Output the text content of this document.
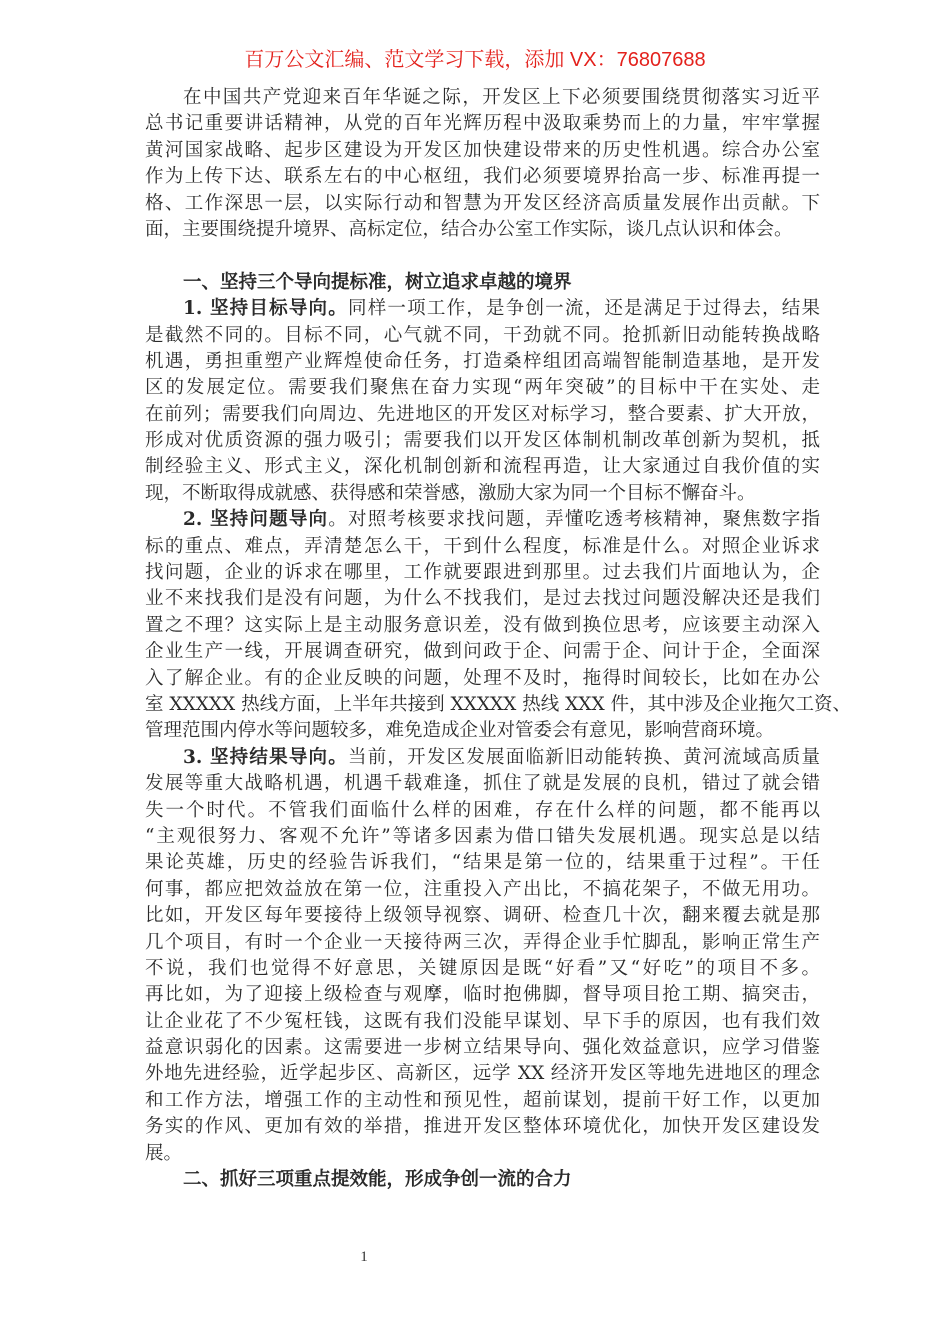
百万公文汇编、范文学习下载，添加 VX：76807688
在中国共产党迎来百年华诞之际，开发区上下必须要围绕贯彻落实习近平
总书记重要讲话精神，从党的百年光辉历程中汲取乘势而上的力量，牢牢掌握
黄河国家战略、起步区建设为开发区加快建设带来的历史性机遇。综合办公室
作为上传下达、联系左右的中心枢纽，我们必须要境界抬高一步、标准再提一
格、工作深思一层，以实际行动和智慧为开发区经济高质量发展作出贡献。下
面，主要围绕提升境界、高标定位，结合办公室工作实际，谈几点认识和体会。
一、坚持三个导向提标准，树立追求卓越的境界
1. 坚持目标导向。同样一项工作，是争创一流，还是满足于过得去，结果
是截然不同的。目标不同，心气就不同，干劲就不同。抢抓新旧动能转换战略
机遇，勇担重塑产业辉煌使命任务，打造桑梓组团高端智能制造基地，是开发
区的发展定位。需要我们聚焦在奋力实现“两年突破”的目标中干在实处、走
在前列；需要我们向周边、先进地区的开发区对标学习，整合要素、扩大开放，
形成对优质资源的强力吸引；需要我们以开发区体制机制改革创新为契机，抵
制经验主义、形式主义，深化机制创新和流程再造，让大家通过自我价值的实
现，不断取得成就感、获得感和荣誉感，激励大家为同一个目标不懈奋斗。
2. 坚持问题导向。对照考核要求找问题，弄懂吃透考核精神，聚焦数字指
标的重点、难点，弄清楚怎么干，干到什么程度，标准是什么。对照企业诉求
找问题，企业的诉求在哪里，工作就要跟进到那里。过去我们片面地认为，企
业不来找我们是没有问题，为什么不找我们，是过去找过问题没解决还是我们
置之不理？这实际上是主动服务意识差，没有做到换位思考，应该要主动深入
企业生产一线，开展调查研究，做到问政于企、问需于企、问计于企，全面深
入了解企业。有的企业反映的问题，处理不及时，拖得时间较长，比如在办公
室 XXXXX 热线方面，上半年共接到 XXXXX 热线 XXX 件，其中涉及企业拖欠工资、
管理范围内停水等问题较多，难免造成企业对管委会有意见，影响营商环境。
3. 坚持结果导向。当前，开发区发展面临新旧动能转换、黄河流域高质量
发展等重大战略机遇，机遇千载难逢，抓住了就是发展的良机，错过了就会错
失一个时代。不管我们面临什么样的困难，存在什么样的问题，都不能再以
“主观很努力、客观不允许”等诸多因素为借口错失发展机遇。现实总是以结
果论英雄，历史的经验告诉我们，“结果是第一位的，结果重于过程”。干任
何事，都应把效益放在第一位，注重投入产出比，不搞花架子，不做无用功。
比如，开发区每年要接待上级领导视察、调研、检查几十次，翻来覆去就是那
几个项目，有时一个企业一天接待两三次，弄得企业手忙脚乱，影响正常生产
不说，我们也觉得不好意思，关键原因是既“好看”又“好吃”的项目不多。
再比如，为了迎接上级检查与观摩，临时抱佛脚，督导项目抢工期、搞突击，
让企业花了不少冤枉钱，这既有我们没能早谋划、早下手的原因，也有我们效
益意识弱化的因素。这需要进一步树立结果导向、强化效益意识，应学习借鉴
外地先进经验，近学起步区、高新区，远学 XX 经济开发区等地先进地区的理念
和工作方法，增强工作的主动性和预见性，超前谋划，提前干好工作，以更加
务实的作风、更加有效的举措，推进开发区整体环境优化，加快开发区建设发
展。
二、抓好三项重点提效能，形成争创一流的合力
1
